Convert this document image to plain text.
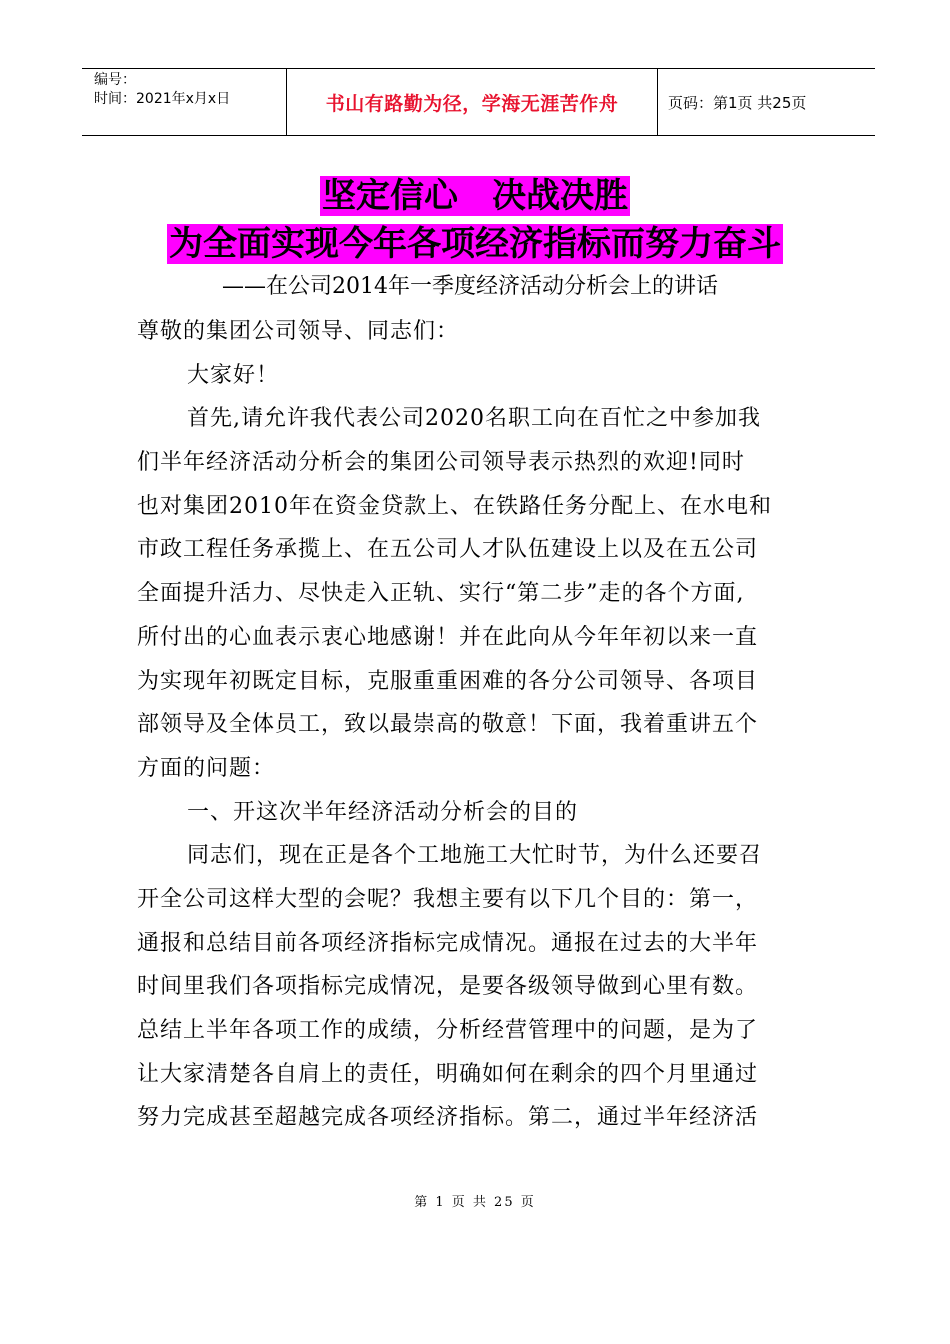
编号：
时间：2021年x月x日	书山有路勤为径，学海无涯苦作舟	页码：第1页 共25页
坚定信心　决战决胜
为全面实现今年各项经济指标而努力奋斗
——在公司2014年一季度经济活动分析会上的讲话
尊敬的集团公司领导、同志们：
大家好！
首先,请允许我代表公司2020名职工向在百忙之中参加我
们半年经济活动分析会的集团公司领导表示热烈的欢迎!同时
也对集团2010年在资金贷款上、在铁路任务分配上、在水电和
市政工程任务承揽上、在五公司人才队伍建设上以及在五公司
全面提升活力、尽快走入正轨、实行“第二步”走的各个方面,
所付出的心血表示衷心地感谢！并在此向从今年年初以来一直
为实现年初既定目标，克服重重困难的各分公司领导、各项目
部领导及全体员工，致以最崇高的敬意！下面，我着重讲五个
方面的问题：
一、开这次半年经济活动分析会的目的
同志们，现在正是各个工地施工大忙时节，为什么还要召
开全公司这样大型的会呢？我想主要有以下几个目的：第一，
通报和总结目前各项经济指标完成情况。通报在过去的大半年
时间里我们各项指标完成情况，是要各级领导做到心里有数。
总结上半年各项工作的成绩，分析经营管理中的问题，是为了
让大家清楚各自肩上的责任，明确如何在剩余的四个月里通过
努力完成甚至超越完成各项经济指标。第二，通过半年经济活
第 1 页 共 25 页
